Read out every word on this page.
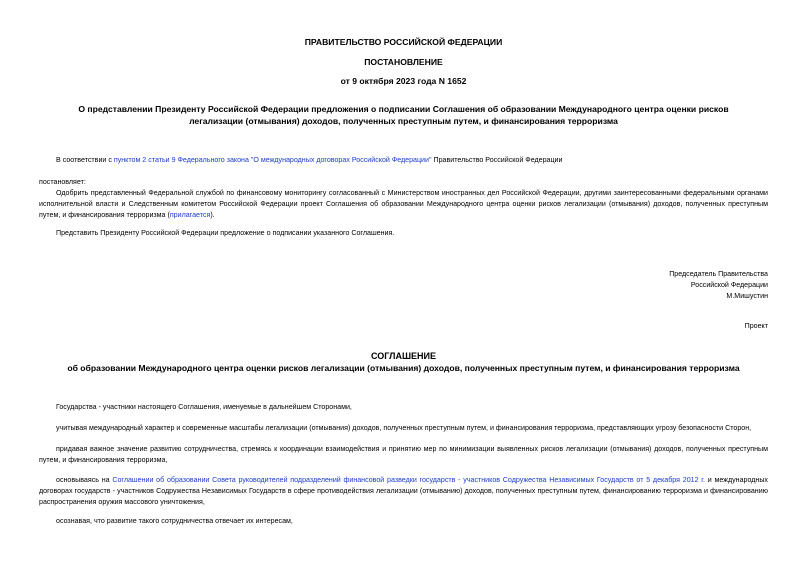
ПРАВИТЕЛЬСТВО РОССИЙСКОЙ ФЕДЕРАЦИИ
ПОСТАНОВЛЕНИЕ
от 9 октября 2023 года N 1652
О представлении Президенту Российской Федерации предложения о подписании Соглашения об образовании Международного центра оценки рисков
легализации (отмывания) доходов, полученных преступным путем, и финансирования терроризма
В соответствии с пунктом 2 статьи 9 Федерального закона "О международных договорах Российской Федерации" Правительство Российской Федерации
постановляет:
Одобрить представленный Федеральной службой по финансовому мониторингу согласованный с Министерством иностранных дел Российской Федерации, другими заинтересованными федеральными органами исполнительной власти и Следственным комитетом Российской Федерации проект Соглашения об образовании Международного центра оценки рисков легализации (отмывания) доходов, полученных преступным путем, и финансирования терроризма (прилагается).
Представить Президенту Российской Федерации предложение о подписании указанного Соглашения.
Председатель Правительства
Российской Федерации
М.Мишустин
Проект
СОГЛАШЕНИЕ
об образовании Международного центра оценки рисков легализации (отмывания) доходов, полученных преступным путем, и финансирования терроризма
Государства - участники настоящего Соглашения, именуемые в дальнейшем Сторонами,
учитывая международный характер и современные масштабы легализации (отмывания) доходов, полученных преступным путем, и финансирования терроризма, представляющих угрозу безопасности Сторон,
придавая важное значение развитию сотрудничества, стремясь к координации взаимодействия и принятию мер по минимизации выявленных рисков легализации (отмывания) доходов, полученных преступным путем, и финансирования терроризма,
основываясь на Соглашении об образовании Совета руководителей подразделений финансовой разведки государств - участников Содружества Независимых Государств от 5 декабря 2012 г. и международных договорах государств - участников Содружества Независимых Государств в сфере противодействия легализации (отмыванию) доходов, полученных преступным путем, финансированию терроризма и финансированию распространения оружия массового уничтожения,
осознавая, что развитие такого сотрудничества отвечает их интересам,
